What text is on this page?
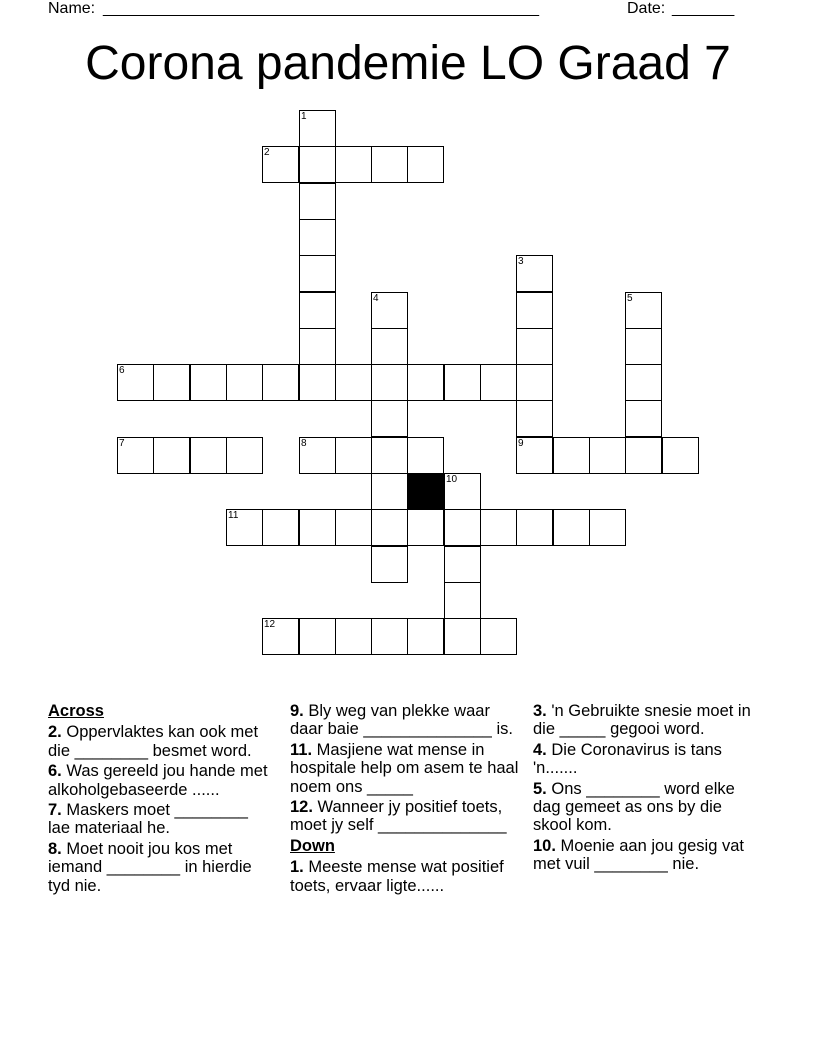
Name: _________________________________________________	Date: _______
Corona pandemie LO Graad 7
1
2
3
9
4	5
6
7	8
10
11
12
Across
2. Oppervlaktes kan ook met die ________ besmet word.
6. Was gereeld jou hande met alkoholgebaseerde ......
7. Maskers moet ________ lae materiaal he.
8. Moet nooit jou kos met iemand ________ in hierdie tyd nie.
9. Bly weg van plekke waar daar baie ______________ is.
11. Masjiene wat mense in hospitale help om asem te haal noem ons _____
12. Wanneer jy positief toets, moet jy self ______________
Down
1. Meeste mense wat positief toets, ervaar ligte......
3. 'n Gebruikte snesie moet in die _____ gegooi word.
4. Die Coronavirus is tans 'n.......
5. Ons ________ word elke dag gemeet as ons by die skool kom.
10. Moenie aan jou gesig vat met vuil ________ nie.
